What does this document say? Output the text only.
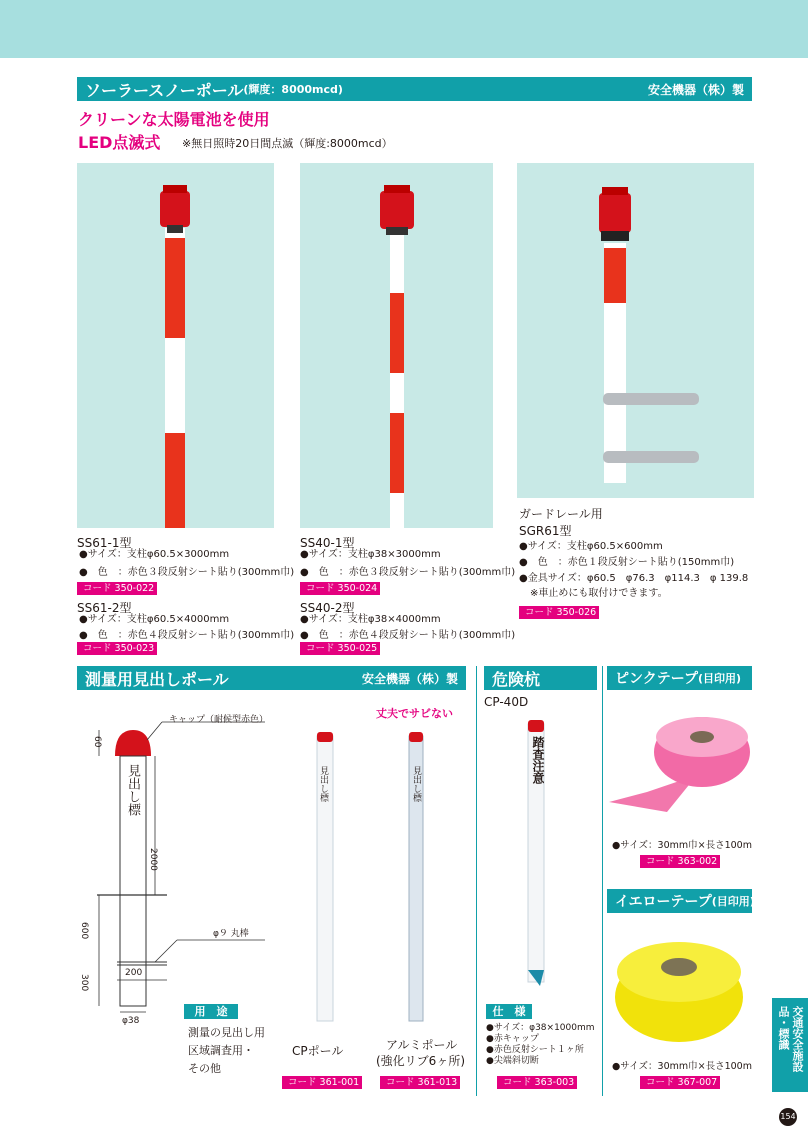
ソーラースノーポール (輝度：8000mcd)	安全機器（株）製
クリーンな太陽電池を使用
LED点滅式 ※無日照時20日間点滅（輝度:8000mcd）
SS61-1型
●サイズ：支柱φ60.5×3000mm
●　色　：赤色３段反射シート貼り(300mm巾)
コード 350-022
SS61-2型
●サイズ：支柱φ60.5×4000mm
●　色　：赤色４段反射シート貼り(300mm巾)
コード 350-023
SS40-1型
●サイズ：支柱φ38×3000mm
●　色　：赤色３段反射シート貼り(300mm巾)
コード 350-024
SS40-2型
●サイズ：支柱φ38×4000mm
●　色　：赤色４段反射シート貼り(300mm巾)
コード 350-025
ガードレール用
SGR61型
●サイズ：支柱φ60.5×600mm
●　色　：赤色１段反射シート貼り(150mm巾)
●金具サイズ：φ60.5　φ76.3　φ114.3　φ 139.8
※車止めにも取付けできます。
コード 350-026
測量用見出しポール	安全機器（株）製	危険杭	ピンクテープ (目印用)
キャップ（耐候型赤色）
見出し標
60
2000
600
300
200
φ38
φ９ 丸棒
用　途
測量の見出し用
区域調査用・
その他
丈夫でサビない
見出し標
CPポール
コード 361-001
見出し標
アルミポール
(強化リブ6ヶ所)
コード 361-013
CP-40D
踏査注意
仕　様
●サイズ：φ38×1000mm
●赤キャップ
●赤色反射シート１ヶ所
●尖端斜切断
コード 363-003
●サイズ：30mm巾×長さ100m
コード 363-002
イエローテープ (目印用)
●サイズ：30mm巾×長さ100m
コード 367-007
交通安全施設品・標識
154
